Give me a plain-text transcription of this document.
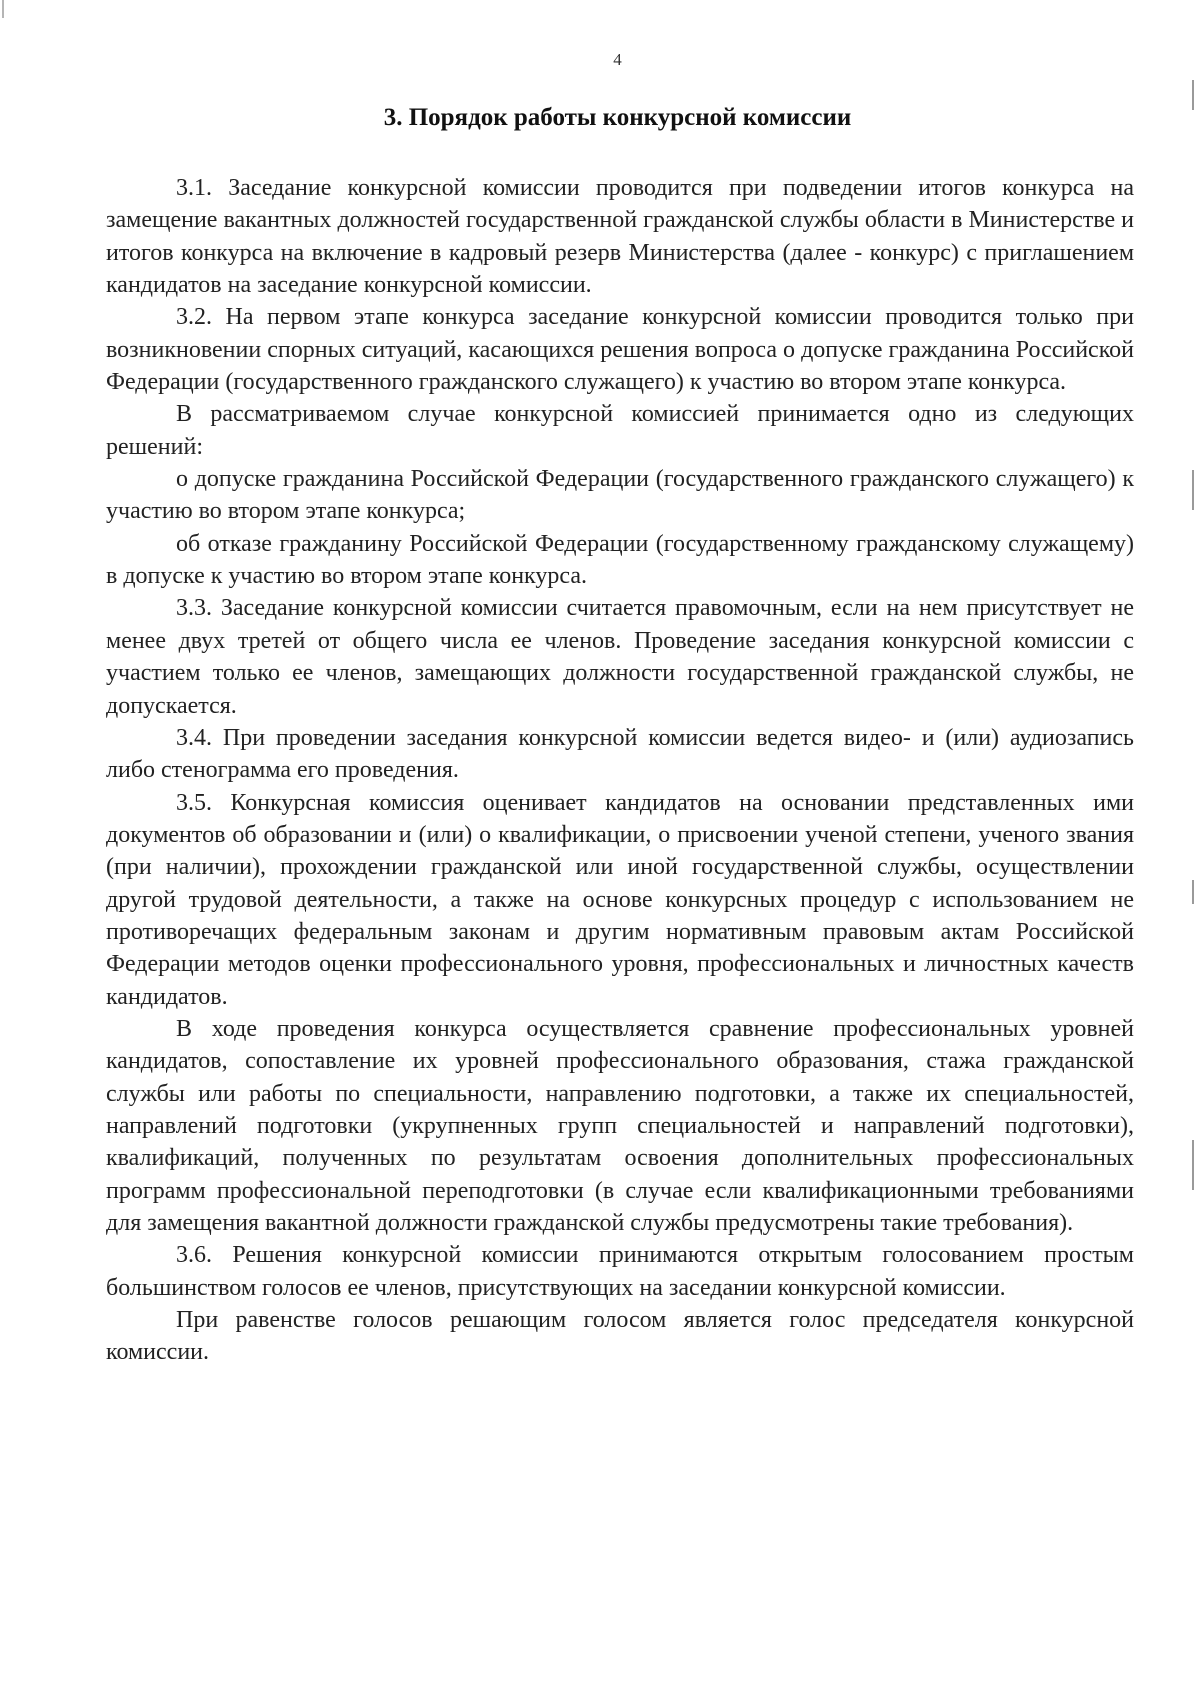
4
3. Порядок работы конкурсной комиссии

3.1. Заседание конкурсной комиссии проводится при подведении итогов конкурса на замещение вакантных должностей государственной гражданской службы области в Министерстве и итогов конкурса на включение в кадровый резерв Министерства (далее - конкурс) с приглашением кандидатов на заседание конкурсной комиссии.

3.2. На первом этапе конкурса заседание конкурсной комиссии проводится только при возникновении спорных ситуаций, касающихся решения вопроса о допуске гражданина Российской Федерации (государственного гражданского служащего) к участию во втором этапе конкурса.

В рассматриваемом случае конкурсной комиссией принимается одно из следующих решений:

о допуске гражданина Российской Федерации (государственного гражданского служащего) к участию во втором этапе конкурса;

об отказе гражданину Российской Федерации (государственному гражданскому служащему) в допуске к участию во втором этапе конкурса.

3.3. Заседание конкурсной комиссии считается правомочным, если на нем присутствует не менее двух третей от общего числа ее членов. Проведение заседания конкурсной комиссии с участием только ее членов, замещающих должности государственной гражданской службы, не допускается.

3.4. При проведении заседания конкурсной комиссии ведется видео- и (или) аудиозапись либо стенограмма его проведения.

3.5. Конкурсная комиссия оценивает кандидатов на основании представленных ими документов об образовании и (или) о квалификации, о присвоении ученой степени, ученого звания (при наличии), прохождении гражданской или иной государственной службы, осуществлении другой трудовой деятельности, а также на основе конкурсных процедур с использованием не противоречащих федеральным законам и другим нормативным правовым актам Российской Федерации методов оценки профессионального уровня, профессиональных и личностных качеств кандидатов.

В ходе проведения конкурса осуществляется сравнение профессиональных уровней кандидатов, сопоставление их уровней профессионального образования, стажа гражданской службы или работы по специальности, направлению подготовки, а также их специальностей, направлений подготовки (укрупненных групп специальностей и направлений подготовки), квалификаций, полученных по результатам освоения дополнительных профессиональных программ профессиональной переподготовки (в случае если квалификационными требованиями для замещения вакантной должности гражданской службы предусмотрены такие требования).

3.6. Решения конкурсной комиссии принимаются открытым голосованием простым большинством голосов ее членов, присутствующих на заседании конкурсной комиссии.

При равенстве голосов решающим голосом является голос председателя конкурсной комиссии.
